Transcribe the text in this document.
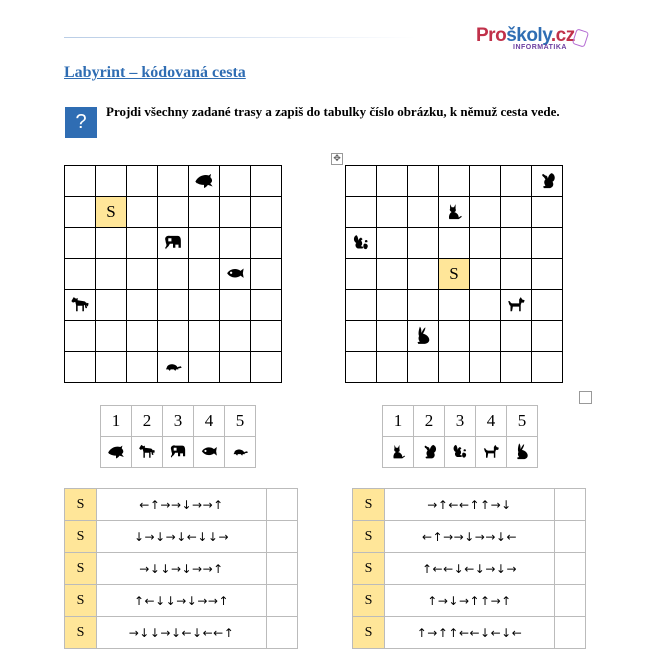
Proškoly.cz
INFORMATIKA
Labyrint – kódovaná cesta
?	Projdi všechny zadané trasy a zapiš do tabulky číslo obrázku, k němuž cesta vede.
✥

	S					

			S			

1	2	3	4	5

		1	2	3	4	5

S	←↑→→↓→→↑	
S	↓→↓→↓←↓↓→	
S	→↓↓→↓→→↑	
S	↑←↓↓→↓→→↑	
S	→↓↓→↓←↓←←↑	
S	→↑←←↑↑→↓	
S	←↑→→↓→→↓←	
S	↑←←↓←↓→↓→	
S	↑→↓→↑↑→↑	
S	↑→↑↑←←↓←↓←	
